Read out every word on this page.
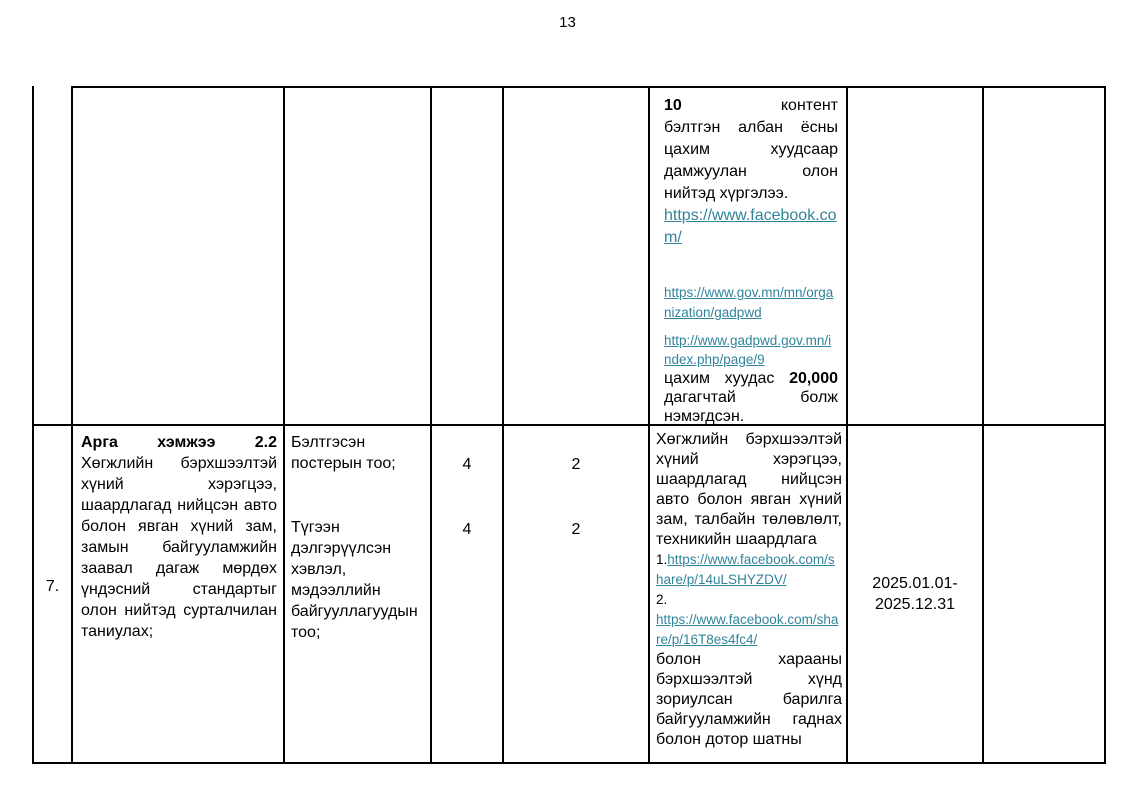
13
10	контент
бэлтгэн албан ёсны цахим хуудсаар дамжуулан олон нийтэд хүргэлээ.
https://www.facebook.com/
https://www.gov.mn/mn/organization/gadpwd
http://www.gadpwd.gov.mn/index.php/page/9
цахим хуудас 20,000 дагагчтай болж нэмэгдсэн.
7.
Арга хэмжээ 2.2
Хөгжлийн бэрхшээлтэй хүний хэрэгцээ, шаардлагад нийцсэн авто болон явган хүний зам, замын байгууламжийн заавал дагаж мөрдөх үндэсний стандартыг олон нийтэд сурталчилан таниулах;
Бэлтгэсэн постерын тоо;
Түгээн дэлгэрүүлсэн хэвлэл, мэдээллийн байгууллагуудын тоо;
4
4
2
2
Хөгжлийн бэрхшээлтэй хүний хэрэгцээ, шаардлагад нийцсэн авто болон явган хүний зам, талбайн төлөвлөлт, техникийн шаардлага
1.https://www.facebook.com/share/p/14uLSHYZDV/
2.
https://www.facebook.com/share/p/16T8es4fc4/
болон харааны бэрхшээлтэй хүнд зориулсан барилга байгууламжийн гаднах болон дотор шатны
2025.01.01-2025.12.31
